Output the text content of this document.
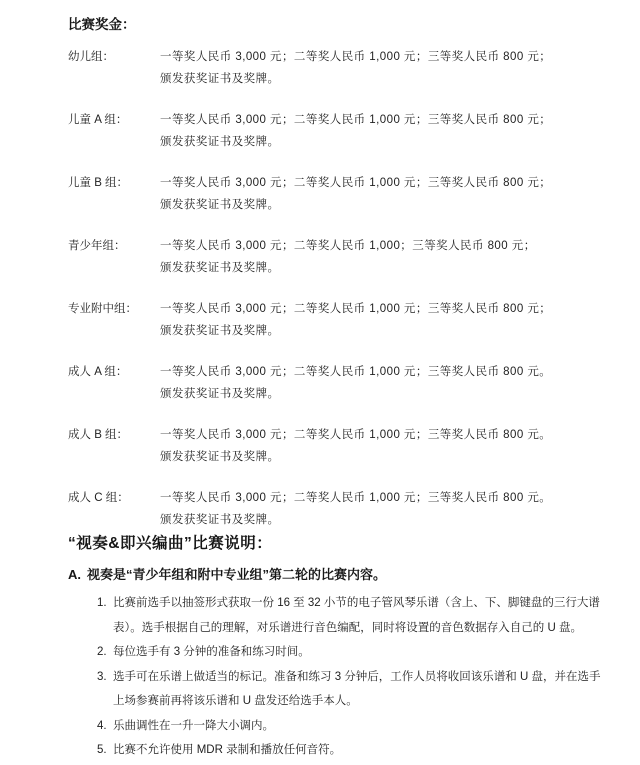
比赛奖金：
幼儿组：	一等奖人民币 3,000 元；二等奖人民币 1,000 元；三等奖人民币 800 元；
颁发获奖证书及奖牌。
儿童 A 组：	一等奖人民币 3,000 元；二等奖人民币 1,000 元；三等奖人民币 800 元；
颁发获奖证书及奖牌。
儿童 B 组：	一等奖人民币 3,000 元；二等奖人民币 1,000 元；三等奖人民币 800 元；
颁发获奖证书及奖牌。
青少年组：	一等奖人民币 3,000 元；二等奖人民币 1,000；三等奖人民币 800 元；
颁发获奖证书及奖牌。
专业附中组：	一等奖人民币 3,000 元；二等奖人民币 1,000 元；三等奖人民币 800 元；
颁发获奖证书及奖牌。
成人 A 组：	一等奖人民币 3,000 元；二等奖人民币 1,000 元；三等奖人民币 800 元。
颁发获奖证书及奖牌。
成人 B 组：	一等奖人民币 3,000 元；二等奖人民币 1,000 元；三等奖人民币 800 元。
颁发获奖证书及奖牌。
成人 C 组：	一等奖人民币 3,000 元；二等奖人民币 1,000 元；三等奖人民币 800 元。
颁发获奖证书及奖牌。
“视奏&即兴编曲”比赛说明：
A. 视奏是“青少年组和附中专业组”第二轮的比赛内容。
1. 比赛前选手以抽签形式获取一份 16 至 32 小节的电子管风琴乐谱（含上、下、脚键盘的三行大谱表）。选手根据自己的理解，对乐谱进行音色编配，同时将设置的音色数据存入自己的 U 盘。
2. 每位选手有 3 分钟的准备和练习时间。
3. 选手可在乐谱上做适当的标记。准备和练习 3 分钟后，工作人员将收回该乐谱和 U 盘，并在选手上场参赛前再将该乐谱和 U 盘发还给选手本人。
4. 乐曲调性在一升一降大小调内。
5. 比赛不允许使用 MDR 录制和播放任何音符。
